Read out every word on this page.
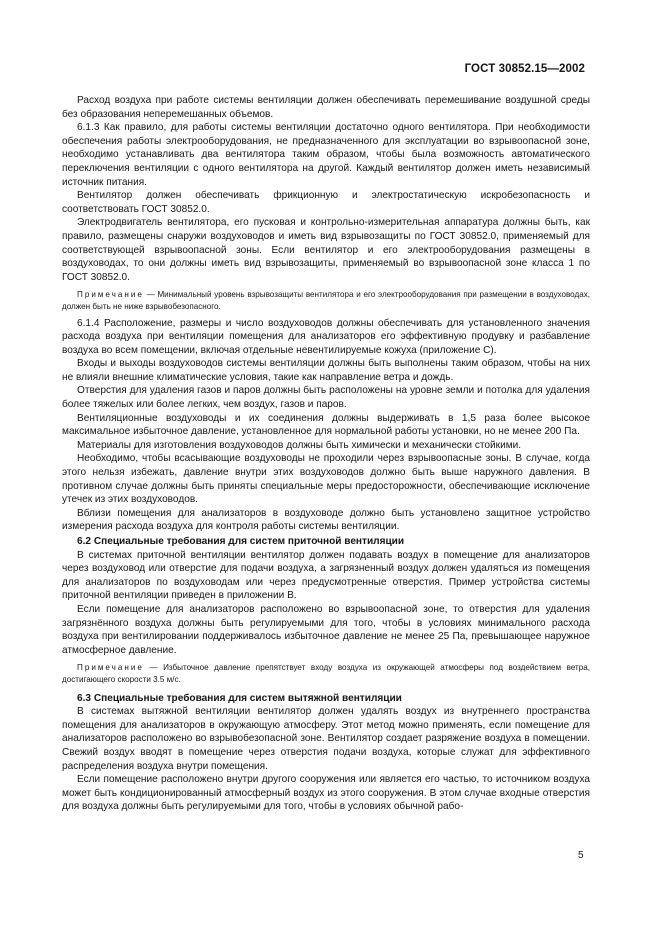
ГОСТ 30852.15—2002

Расход воздуха при работе системы вентиляции должен обеспечивать перемешивание воздушной среды без образования неперемешанных объемов.

6.1.3 Как правило, для работы системы вентиляции достаточно одного вентилятора. При необходимости обеспечения работы электрооборудования, не предназначенного для эксплуатации во взрывоопасной зоне, необходимо устанавливать два вентилятора таким образом, чтобы была возможность автоматического переключения вентиляции с одного вентилятора на другой. Каждый вентилятор должен иметь независимый источник питания.

Вентилятор должен обеспечивать фрикционную и электростатическую искробезопасность и соответствовать ГОСТ 30852.0.

Электродвигатель вентилятора, его пусковая и контрольно-измерительная аппаратура должны быть, как правило, размещены снаружи воздуховодов и иметь вид взрывозащиты по ГОСТ 30852.0, применяемый для соответствующей взрывоопасной зоны. Если вентилятор и его электрооборудования размещены в воздуховодах, то они должны иметь вид взрывозащиты, применяемый во взрывоопасной зоне класса 1 по ГОСТ 30852.0.

Примечание — Минимальный уровень взрывозащиты вентилятора и его электрооборудования при размещении в воздуховодах, должен быть не ниже взрывобезопасного.

6.1.4 Расположение, размеры и число воздуховодов должны обеспечивать для установленного значения расхода воздуха при вентиляции помещения для анализаторов его эффективную продувку и разбавление воздуха во всем помещении, включая отдельные невентилируемые кожуха (приложение С).

Входы и выходы воздуховодов системы вентиляции должны быть выполнены таким образом, чтобы на них не влияли внешние климатические условия, такие как направление ветра и дождь.

Отверстия для удаления газов и паров должны быть расположены на уровне земли и потолка для удаления более тяжелых или более легких, чем воздух, газов и паров.

Вентиляционные воздуховоды и их соединения должны выдерживать в 1,5 раза более высокое максимальное избыточное давление, установленное для нормальной работы установки, но не менее 200 Па.

Материалы для изготовления воздуховодов должны быть химически и механически стойкими.

Необходимо, чтобы всасывающие воздуховоды не проходили через взрывоопасные зоны. В случае, когда этого нельзя избежать, давление внутри этих воздуховодов должно быть выше наружного давления. В противном случае должны быть приняты специальные меры предосторожности, обеспечивающие исключение утечек из этих воздуховодов.

Вблизи помещения для анализаторов в воздуховоде должно быть установлено защитное устройство измерения расхода воздуха для контроля работы системы вентиляции.

6.2 Специальные требования для систем приточной вентиляции

В системах приточной вентиляции вентилятор должен подавать воздух в помещение для анализаторов через воздуховод или отверстие для подачи воздуха, а загрязненный воздух должен удаляться из помещения для анализаторов по воздуховодам или через предусмотренные отверстия. Пример устройства системы приточной вентиляции приведен в приложении В.

Если помещение для анализаторов расположено во взрывоопасной зоне, то отверстия для удаления загрязнённого воздуха должны быть регулируемыми для того, чтобы в условиях минимального расхода воздуха при вентилировании поддерживалось избыточное давление не менее 25 Па, превышающее наружное атмосферное давление.

Примечание — Избыточное давление препятствует входу воздуха из окружающей атмосферы под воздействием ветра, достигающего скорости 3.5 м/с.

6.3 Специальные требования для систем вытяжной вентиляции

В системах вытяжной вентиляции вентилятор должен удалять воздух из внутреннего пространства помещения для анализаторов в окружающую атмосферу. Этот метод можно применять, если помещение для анализаторов расположено во взрывобезопасной зоне. Вентилятор создает разряжение воздуха в помещении. Свежий воздух вводят в помещение через отверстия подачи воздуха, которые служат для эффективного распределения воздуха внутри помещения.

Если помещение расположено внутри другого сооружения или является его частью, то источником воздуха может быть кондиционированный атмосферный воздух из этого сооружения. В этом случае входные отверстия для воздуха должны быть регулируемыми для того, чтобы в условиях обычной рабо-

5
